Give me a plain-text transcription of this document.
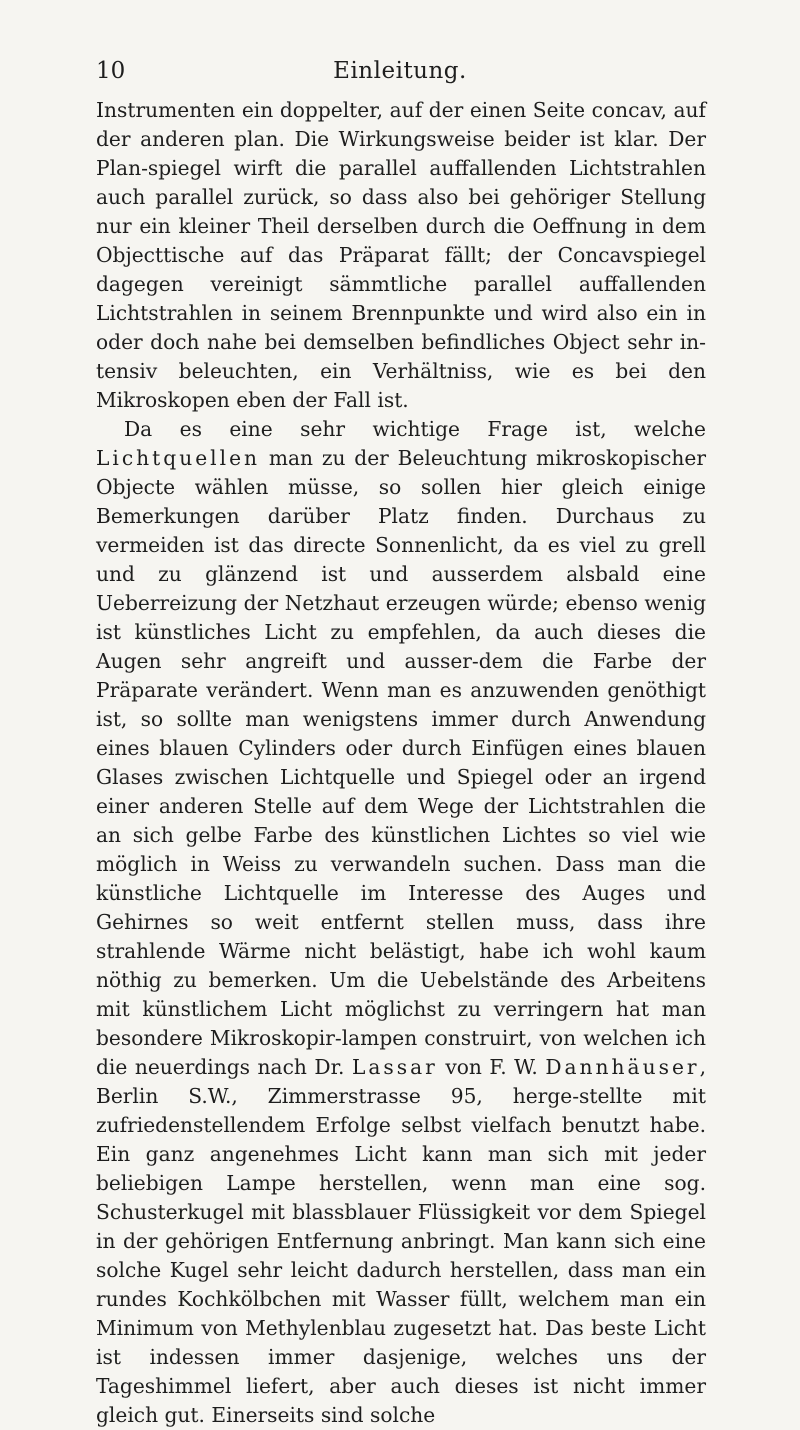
10	Einleitung.

Instrumenten ein doppelter, auf der einen Seite concav, auf der anderen plan. Die Wirkungsweise beider ist klar. Der Plan-spiegel wirft die parallel auffallenden Lichtstrahlen auch parallel zurück, so dass also bei gehöriger Stellung nur ein kleiner Theil derselben durch die Oeffnung in dem Objecttische auf das Präparat fällt; der Concavspiegel dagegen vereinigt sämmtliche parallel auffallenden Lichtstrahlen in seinem Brennpunkte und wird also ein in oder doch nahe bei demselben befindliches Object sehr in-tensiv beleuchten, ein Verhältniss, wie es bei den Mikroskopen eben der Fall ist.

Da es eine sehr wichtige Frage ist, welche Lichtquellen man zu der Beleuchtung mikroskopischer Objecte wählen müsse, so sollen hier gleich einige Bemerkungen darüber Platz finden. Durchaus zu vermeiden ist das directe Sonnenlicht, da es viel zu grell und zu glänzend ist und ausserdem alsbald eine Ueberreizung der Netzhaut erzeugen würde; ebenso wenig ist künstliches Licht zu empfehlen, da auch dieses die Augen sehr angreift und ausser-dem die Farbe der Präparate verändert. Wenn man es anzuwenden genöthigt ist, so sollte man wenigstens immer durch Anwendung eines blauen Cylinders oder durch Einfügen eines blauen Glases zwischen Lichtquelle und Spiegel oder an irgend einer anderen Stelle auf dem Wege der Lichtstrahlen die an sich gelbe Farbe des künstlichen Lichtes so viel wie möglich in Weiss zu verwandeln suchen. Dass man die künstliche Lichtquelle im Interesse des Auges und Gehirnes so weit entfernt stellen muss, dass ihre strahlende Wärme nicht belästigt, habe ich wohl kaum nöthig zu bemerken. Um die Uebelstände des Arbeitens mit künstlichem Licht möglichst zu verringern hat man besondere Mikroskopir-lampen construirt, von welchen ich die neuerdings nach Dr. Lassar von F. W. Dannhäuser, Berlin S.W., Zimmerstrasse 95, herge-stellte mit zufriedenstellendem Erfolge selbst vielfach benutzt habe. Ein ganz angenehmes Licht kann man sich mit jeder beliebigen Lampe herstellen, wenn man eine sog. Schusterkugel mit blassblauer Flüssigkeit vor dem Spiegel in der gehörigen Entfernung anbringt. Man kann sich eine solche Kugel sehr leicht dadurch herstellen, dass man ein rundes Kochkölbchen mit Wasser füllt, welchem man ein Minimum von Methylenblau zugesetzt hat. Das beste Licht ist indessen immer dasjenige, welches uns der Tageshimmel liefert, aber auch dieses ist nicht immer gleich gut. Einerseits sind solche
